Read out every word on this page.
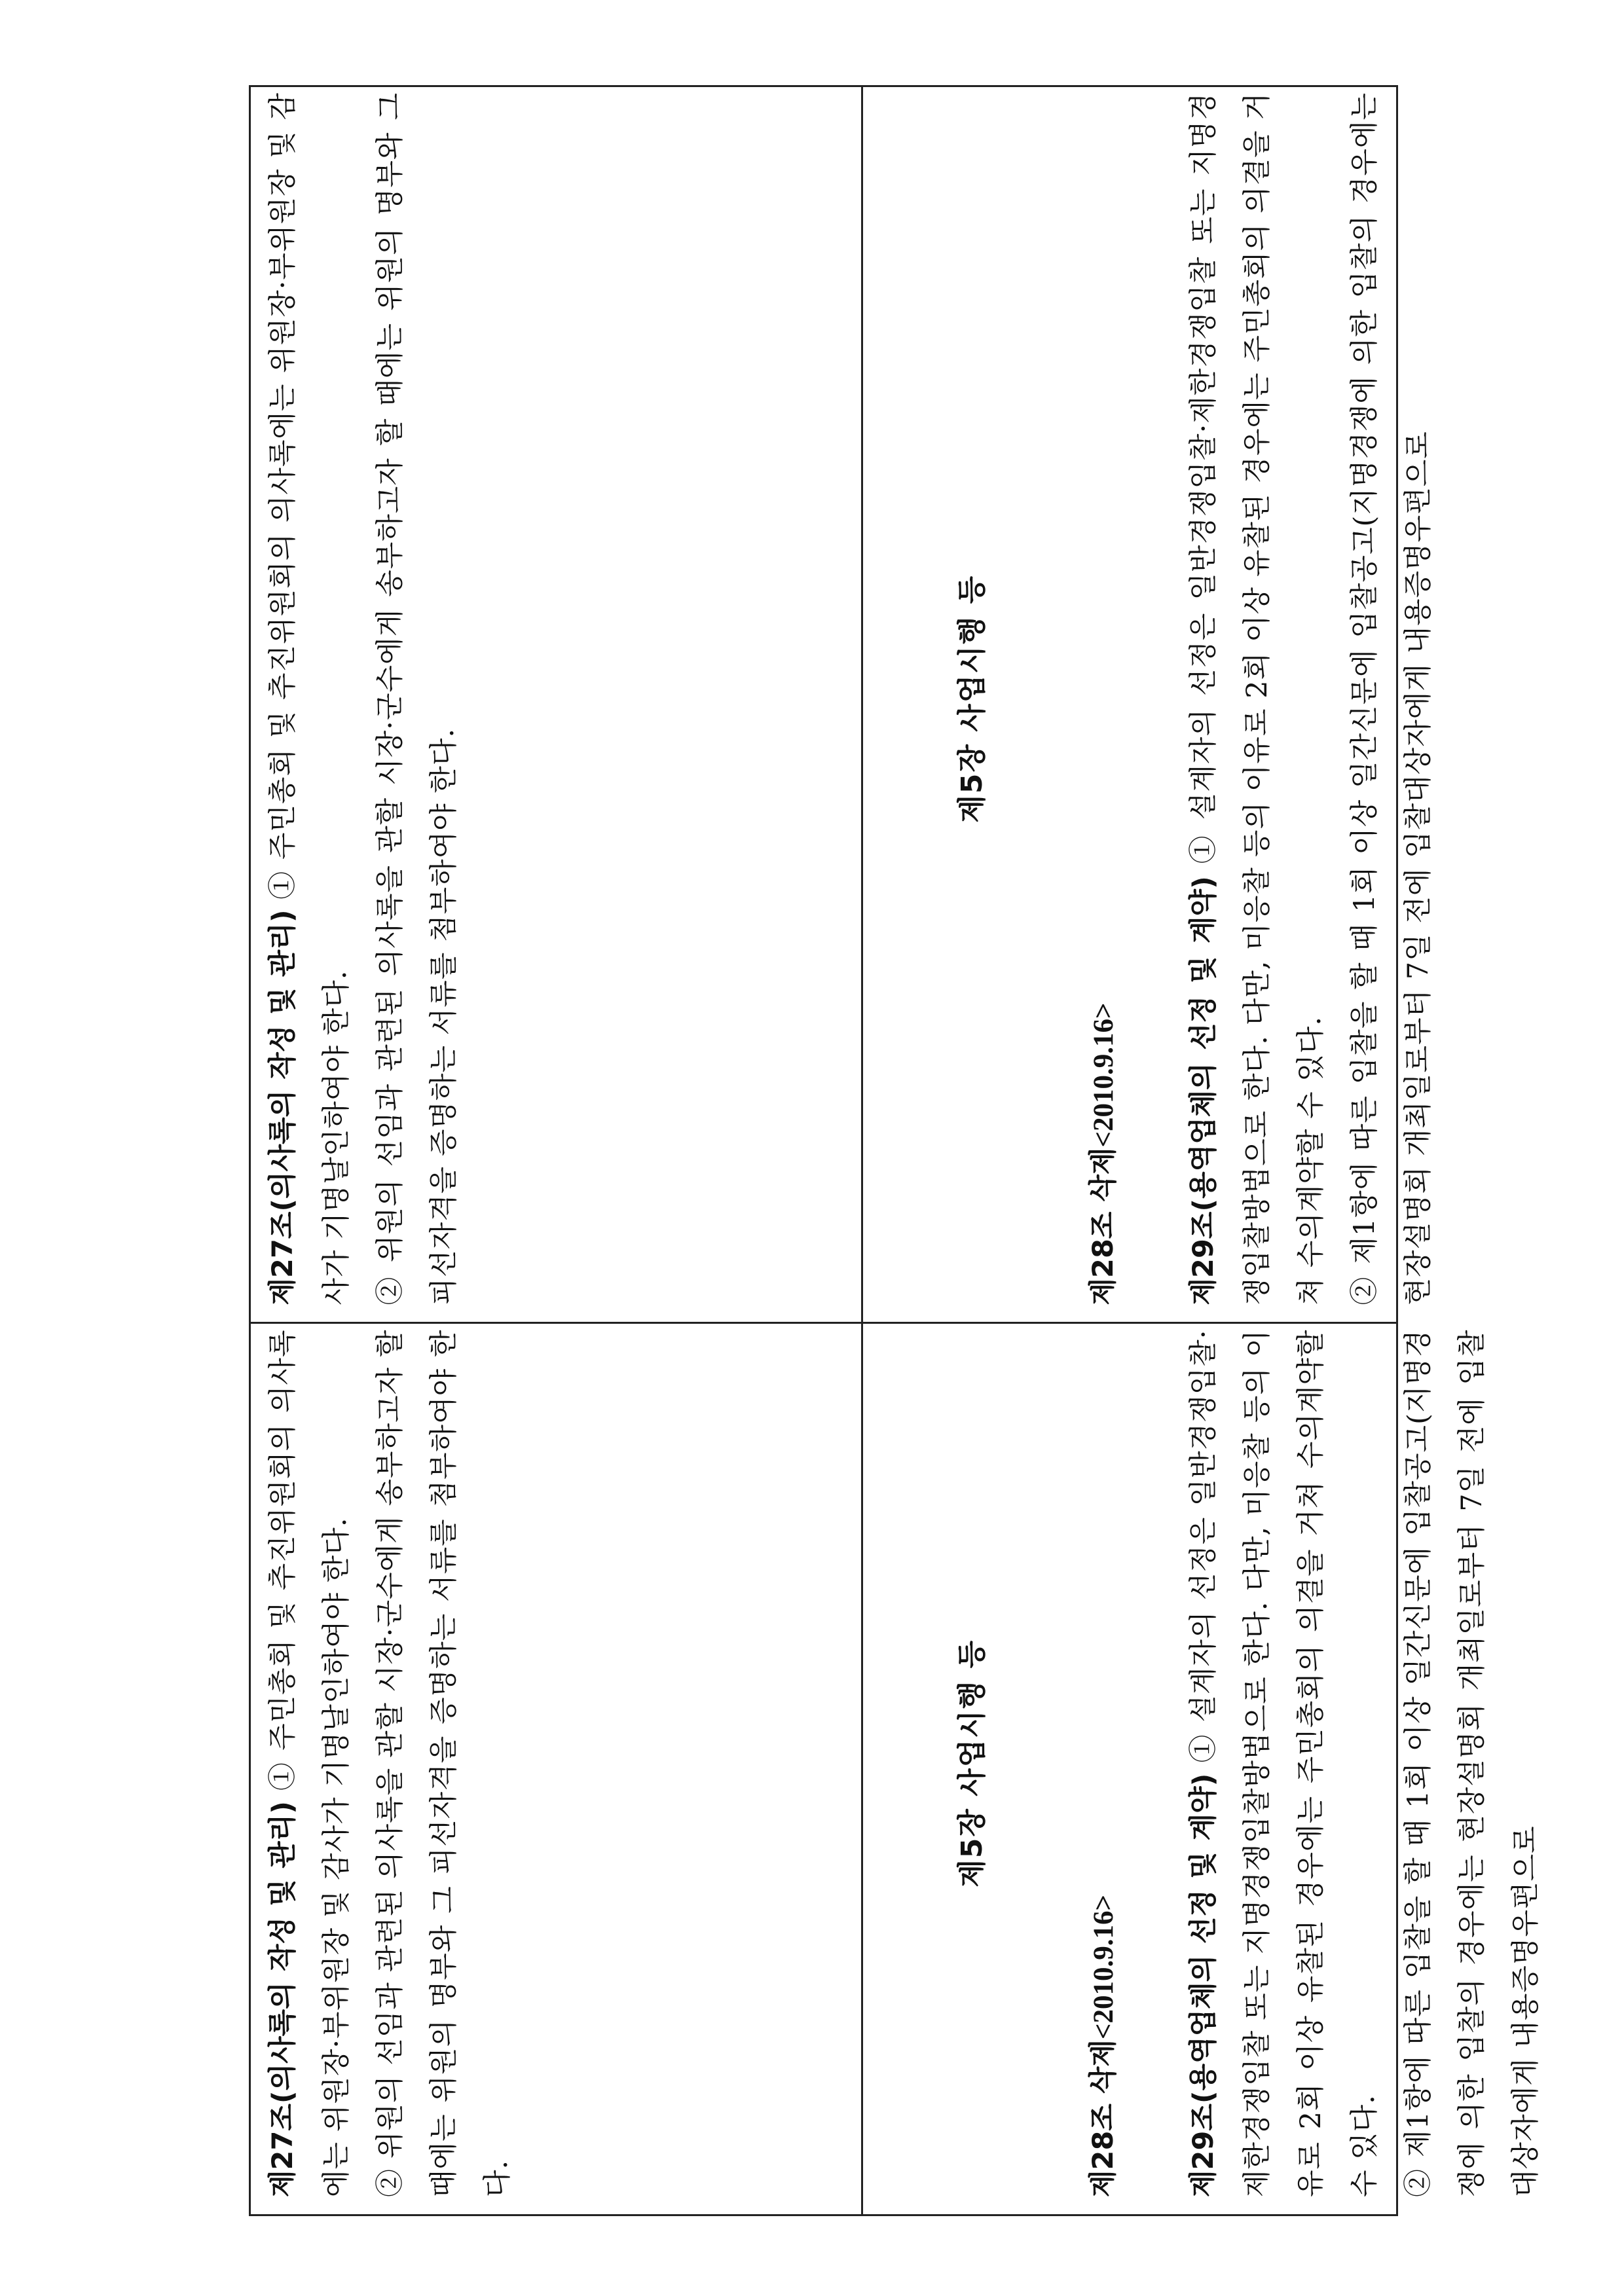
제27조(의사록의 작성 및 관리) ① 주민총회 및 추진위원회의 의사록에는 위원장·부위원장 및 감사가 기명날인하여야 한다. ② 위원의 선임과 관련된 의사록을 관할 시장·군수에게 송부하고자 할 때에는 위원의 명부와 그 피선자격을 증명하는 서류를 첨부하여야 한다.

제27조(의사록의 작성 및 관리) ① 주민총회 및 추진위원회의 의사록에는 위원장·부위원장 및 감사가 기명날인하여야 한다. ② 위원의 선임과 관련된 의사록을 관할 시장·군수에게 송부하고자 할 때에는 위원의 명부와 그 피선자격을 증명하는 서류를 첨부하여야 한다.

제5장 사업시행 등
제28조 삭제<2010.9.16>	제29조(용역업체의 선정 및 계약) ① 설계자의 선정은 일반경쟁입찰·제한경쟁입찰 또는 지명경쟁입찰방법으로 한다. 다만, 미응찰 등의 이유로 2회 이상 유찰된 경우에는 주민총회의 의결을 거쳐 수의계약할 수 있다. ② 제1항에 따른 입찰을 할 때 1회 이상 일간신문에 입찰공고(지명경쟁에 의한 입찰의 경우에는 현장설명회 개최일로부터 7일 전에 입찰대상자에게 내용증명우편으로

제5장 사업시행 등
제28조 삭제<2010.9.16>	제29조(용역업체의 선정 및 계약) ① 설계자의 선정은 일반경쟁입찰·제한경쟁입찰 또는 지명경쟁입찰방법으로 한다. 다만, 미응찰 등의 이유로 2회 이상 유찰된 경우에는 주민총회의 의결을 거쳐 수의계약할 수 있다. ② 제1항에 따른 입찰을 할 때 1회 이상 일간신문에 입찰공고(지명경쟁에 의한 입찰의 경우에는 현장설명회 개최일로부터 7일 전에 입찰대상자에게 내용증명우편으로
